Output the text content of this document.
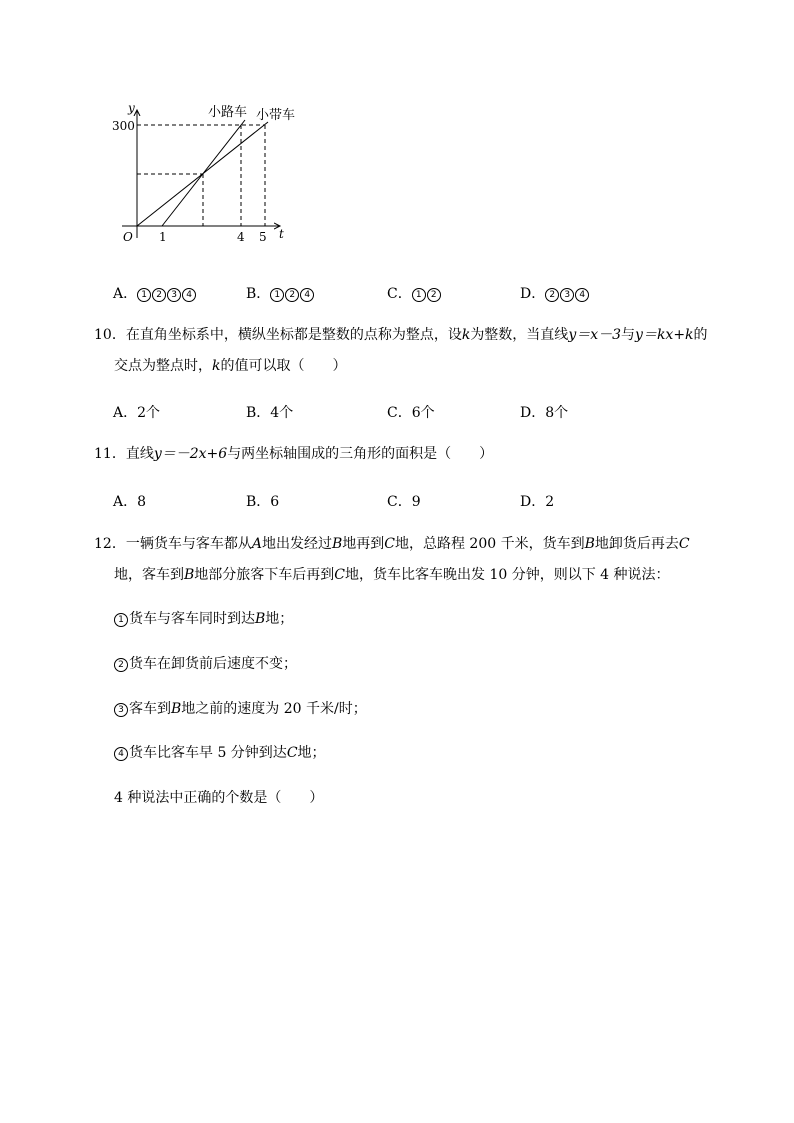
y
300
O 1	4 5 t
小路车 小带车
A． 1 2 3 4	B． 1 2 4	C． 1 2	D． 2 3 4
10．在直角坐标系中，横纵坐标都是整数的点称为整点，设k为整数，当直线y＝x－3与y＝kx+k的
交点为整点时，k的值可以取（　　）
A．2个	B．4个	C．6个	D．8个
11．直线y＝－2x+6与两坐标轴围成的三角形的面积是（　　）
A．8	B．6	C．9	D．2
12．一辆货车与客车都从A地出发经过B地再到C地，总路程 200 千米，货车到B地卸货后再去C
地，客车到B地部分旅客下车后再到C地，货车比客车晚出发 10 分钟，则以下 4 种说法：
1 货车与客车同时到达B地；
2 货车在卸货前后速度不变；
3 客车到B地之前的速度为 20 千米/时；
4 货车比客车早 5 分钟到达C地；
4 种说法中正确的个数是（　　）
